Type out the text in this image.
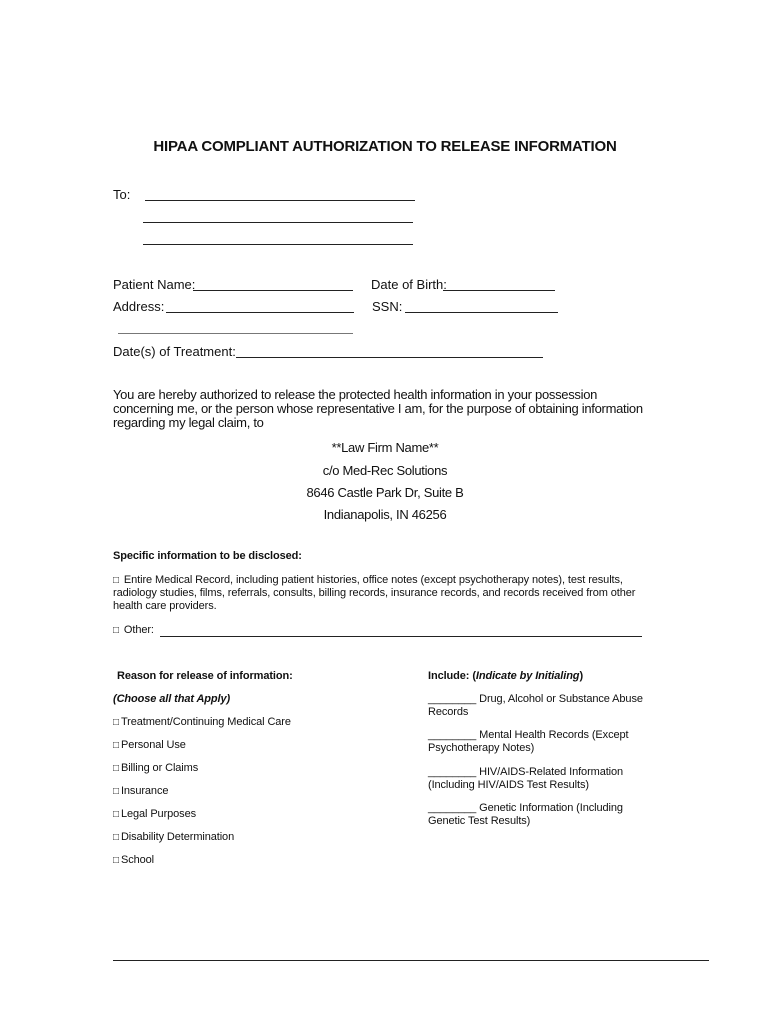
HIPAA COMPLIANT AUTHORIZATION TO RELEASE INFORMATION
To:
Patient Name:	Date of Birth:
Address:	SSN:
Date(s) of Treatment:
You are hereby authorized to release the protected health information in your possession concerning me, or the person whose representative I am, for the purpose of obtaining information regarding my legal claim, to
**Law Firm Name**
c/o Med-Rec Solutions
8646 Castle Park Dr, Suite B
Indianapolis, IN 46256
Specific information to be disclosed:
□ Entire Medical Record, including patient histories, office notes (except psychotherapy notes), test results, radiology studies, films, referrals, consults, billing records, insurance records, and records received from other health care providers.
□ Other:
Reason for release of information:
(Choose all that Apply)
□ Treatment/Continuing Medical Care
□ Personal Use
□ Billing or Claims
□ Insurance
□ Legal Purposes
□ Disability Determination
□ School
Include: (Indicate by Initialing)
________ Drug, Alcohol or Substance Abuse Records
________ Mental Health Records (Except Psychotherapy Notes)
________ HIV/AIDS-Related Information (Including HIV/AIDS Test Results)
________ Genetic Information (Including Genetic Test Results)
